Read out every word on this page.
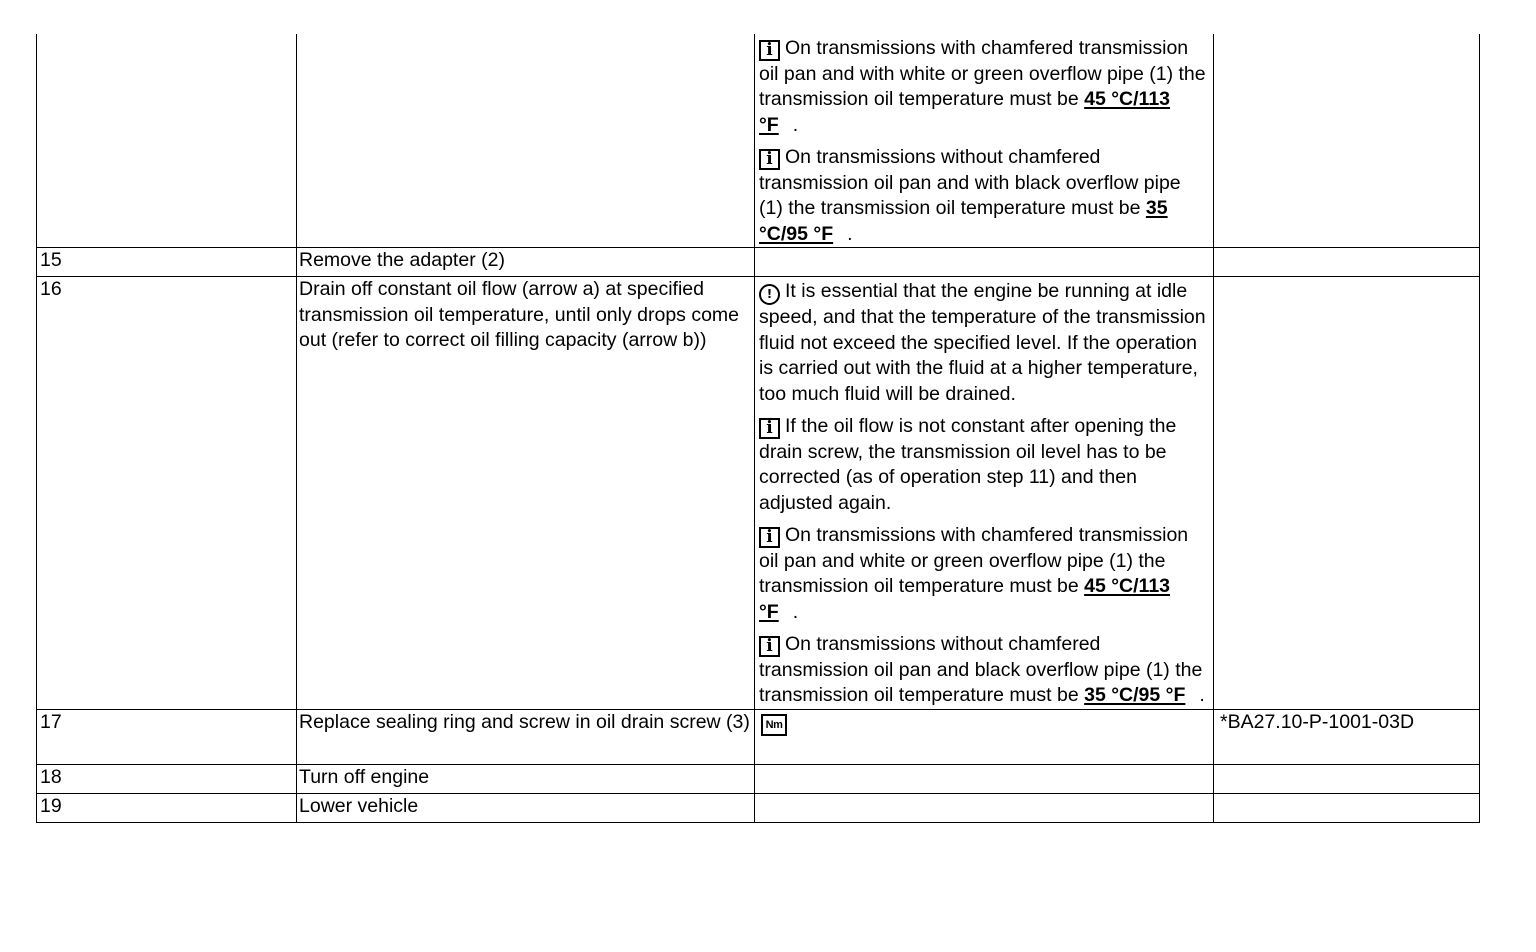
		i On transmissions with chamfered transmission oil pan and with white or green overflow pipe (1) the transmission oil temperature must be 45 °C/113 °F .
i On transmissions without chamfered transmission oil pan and with black overflow pipe (1) the transmission oil temperature must be 35 °C/95 °F .	

15	Remove the adapter (2)		
16	Drain off constant oil flow (arrow a) at specified transmission oil temperature, until only drops come out (refer to correct oil filling capacity (arrow b))	! It is essential that the engine be running at idle speed, and that the temperature of the transmission fluid not exceed the specified level. If the operation is carried out with the fluid at a higher temperature, too much fluid will be drained.
i If the oil flow is not constant after opening the drain screw, the transmission oil level has to be corrected (as of operation step 11) and then adjusted again.
i On transmissions with chamfered transmission oil pan and white or green overflow pipe (1) the transmission oil temperature must be 45 °C/113 °F .
i On transmissions without chamfered transmission oil pan and black overflow pipe (1) the transmission oil temperature must be 35 °C/95 °F .	

17	Replace sealing ring and screw in oil drain screw (3)	Nm	*BA27.10-P-1001-03D
18	Turn off engine		
19	Lower vehicle		
